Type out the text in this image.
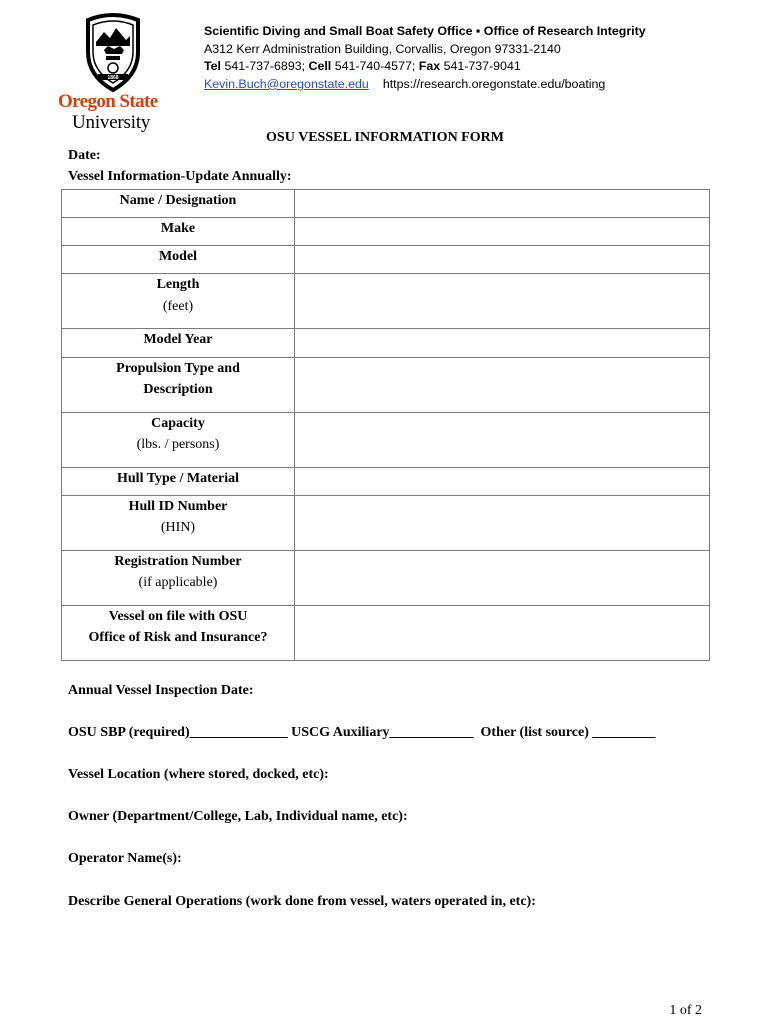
1868
Oregon State
University
Scientific Diving and Small Boat Safety Office ▪ Office of Research Integrity
A312 Kerr Administration Building, Corvallis, Oregon 97331-2140
Tel 541-737-6893; Cell 541-740-4577; Fax 541-737-9041
Kevin.Buch@oregonstate.edu https://research.oregonstate.edu/boating
OSU VESSEL INFORMATION FORM
Date:
Vessel Information-Update Annually:
Name / Designation	

Make	

Model	

Length
(feet)	

Model Year	

Propulsion Type and
Description	

Capacity
(lbs. / persons)	

Hull Type / Material	

Hull ID Number
(HIN)	

Registration Number
(if applicable)	

Vessel on file with OSU
Office of Risk and Insurance?	

Annual Vessel Inspection Date:
OSU SBP (required)______________ USCG Auxiliary____________ Other (list source) _________
Vessel Location (where stored, docked, etc):
Owner (Department/College, Lab, Individual name, etc):
Operator Name(s):
Describe General Operations (work done from vessel, waters operated in, etc):
1 of 2
